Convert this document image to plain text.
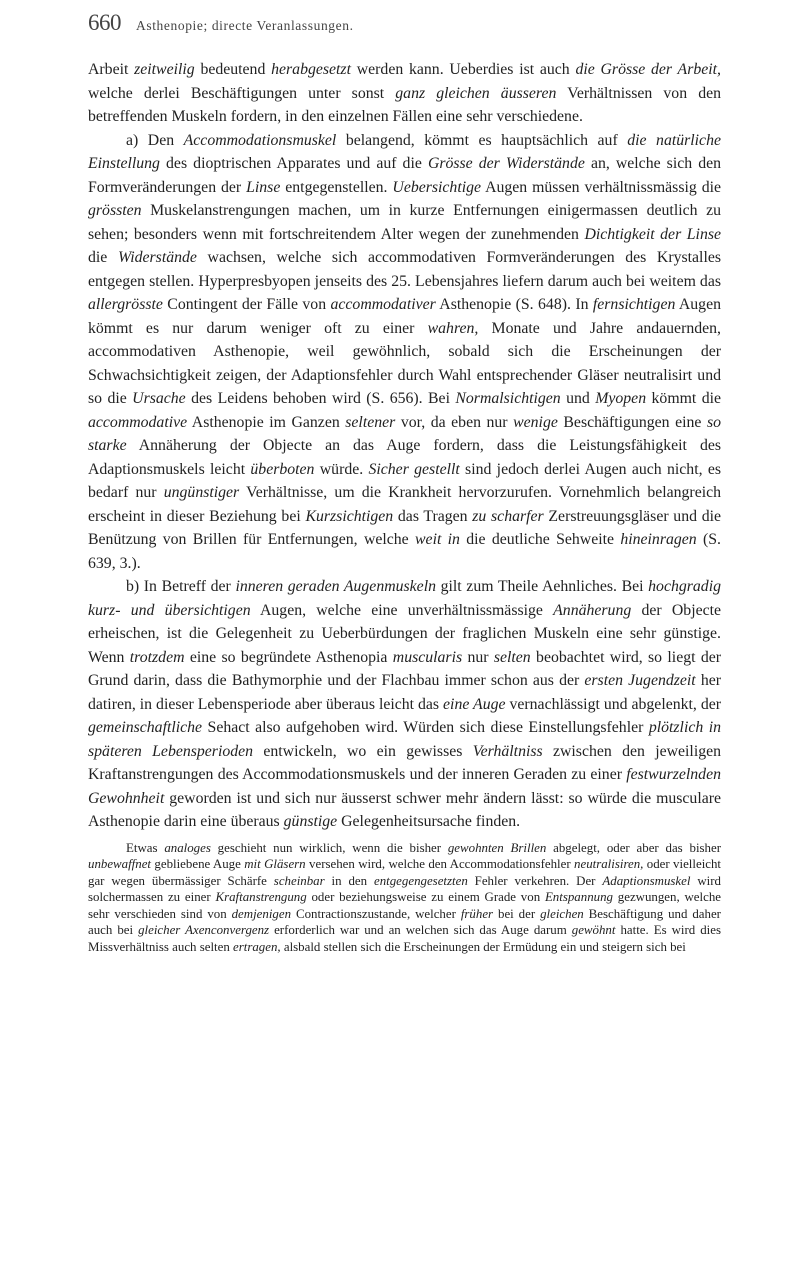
660 Asthenopie; directe Veranlassungen.

Arbeit zeitweilig bedeutend herabgesetzt werden kann. Ueberdies ist auch die Grösse der Arbeit, welche derlei Beschäftigungen unter sonst ganz gleichen äusseren Verhältnissen von den betreffenden Muskeln fordern, in den einzelnen Fällen eine sehr verschiedene.

a) Den Accommodationsmuskel belangend, kömmt es hauptsächlich auf die natürliche Einstellung des dioptrischen Apparates und auf die Grösse der Widerstände an, welche sich den Formveränderungen der Linse entgegenstellen. Uebersichtige Augen müssen verhältnissmässig die grössten Muskelanstrengungen machen, um in kurze Entfernungen einigermassen deutlich zu sehen; besonders wenn mit fortschreitendem Alter wegen der zunehmenden Dichtigkeit der Linse die Widerstände wachsen, welche sich accommodativen Formveränderungen des Krystalles entgegen stellen. Hyperpresbyopen jenseits des 25. Lebensjahres liefern darum auch bei weitem das allergrösste Contingent der Fälle von accommodativer Asthenopie (S. 648). In fernsichtigen Augen kömmt es nur darum weniger oft zu einer wahren, Monate und Jahre andauernden, accommodativen Asthenopie, weil gewöhnlich, sobald sich die Erscheinungen der Schwachsichtigkeit zeigen, der Adaptionsfehler durch Wahl entsprechender Gläser neutralisirt und so die Ursache des Leidens behoben wird (S. 656). Bei Normalsichtigen und Myopen kömmt die accommodative Asthenopie im Ganzen seltener vor, da eben nur wenige Beschäftigungen eine so starke Annäherung der Objecte an das Auge fordern, dass die Leistungsfähigkeit des Adaptionsmuskels leicht überboten würde. Sicher gestellt sind jedoch derlei Augen auch nicht, es bedarf nur ungünstiger Verhältnisse, um die Krankheit hervorzurufen. Vornehmlich belangreich erscheint in dieser Beziehung bei Kurzsichtigen das Tragen zu scharfer Zerstreuungsgläser und die Benützung von Brillen für Entfernungen, welche weit in die deutliche Sehweite hineinragen (S. 639, 3.).

b) In Betreff der inneren geraden Augenmuskeln gilt zum Theile Aehnliches. Bei hochgradig kurz- und übersichtigen Augen, welche eine unverhältnissmässige Annäherung der Objecte erheischen, ist die Gelegenheit zu Ueberbürdungen der fraglichen Muskeln eine sehr günstige. Wenn trotzdem eine so begründete Asthenopia muscularis nur selten beobachtet wird, so liegt der Grund darin, dass die Bathymorphie und der Flachbau immer schon aus der ersten Jugendzeit her datiren, in dieser Lebensperiode aber überaus leicht das eine Auge vernachlässigt und abgelenkt, der gemeinschaftliche Sehact also aufgehoben wird. Würden sich diese Einstellungsfehler plötzlich in späteren Lebensperioden entwickeln, wo ein gewisses Verhältniss zwischen den jeweiligen Kraftanstrengungen des Accommodationsmuskels und der inneren Geraden zu einer festwurzelnden Gewohnheit geworden ist und sich nur äusserst schwer mehr ändern lässt: so würde die musculare Asthenopie darin eine überaus günstige Gelegenheitsursache finden.

Etwas analoges geschieht nun wirklich, wenn die bisher gewohnten Brillen abgelegt, oder aber das bisher unbewaffnet gebliebene Auge mit Gläsern versehen wird, welche den Accommodationsfehler neutralisiren, oder vielleicht gar wegen übermässiger Schärfe scheinbar in den entgegengesetzten Fehler verkehren. Der Adaptionsmuskel wird solchermassen zu einer Kraftanstrengung oder beziehungsweise zu einem Grade von Entspannung gezwungen, welche sehr verschieden sind von demjenigen Contractionszustande, welcher früher bei der gleichen Beschäftigung und daher auch bei gleicher Axenconvergenz erforderlich war und an welchen sich das Auge darum gewöhnt hatte. Es wird dies Missverhältniss auch selten ertragen, alsbald stellen sich die Erscheinungen der Ermüdung ein und steigern sich bei
